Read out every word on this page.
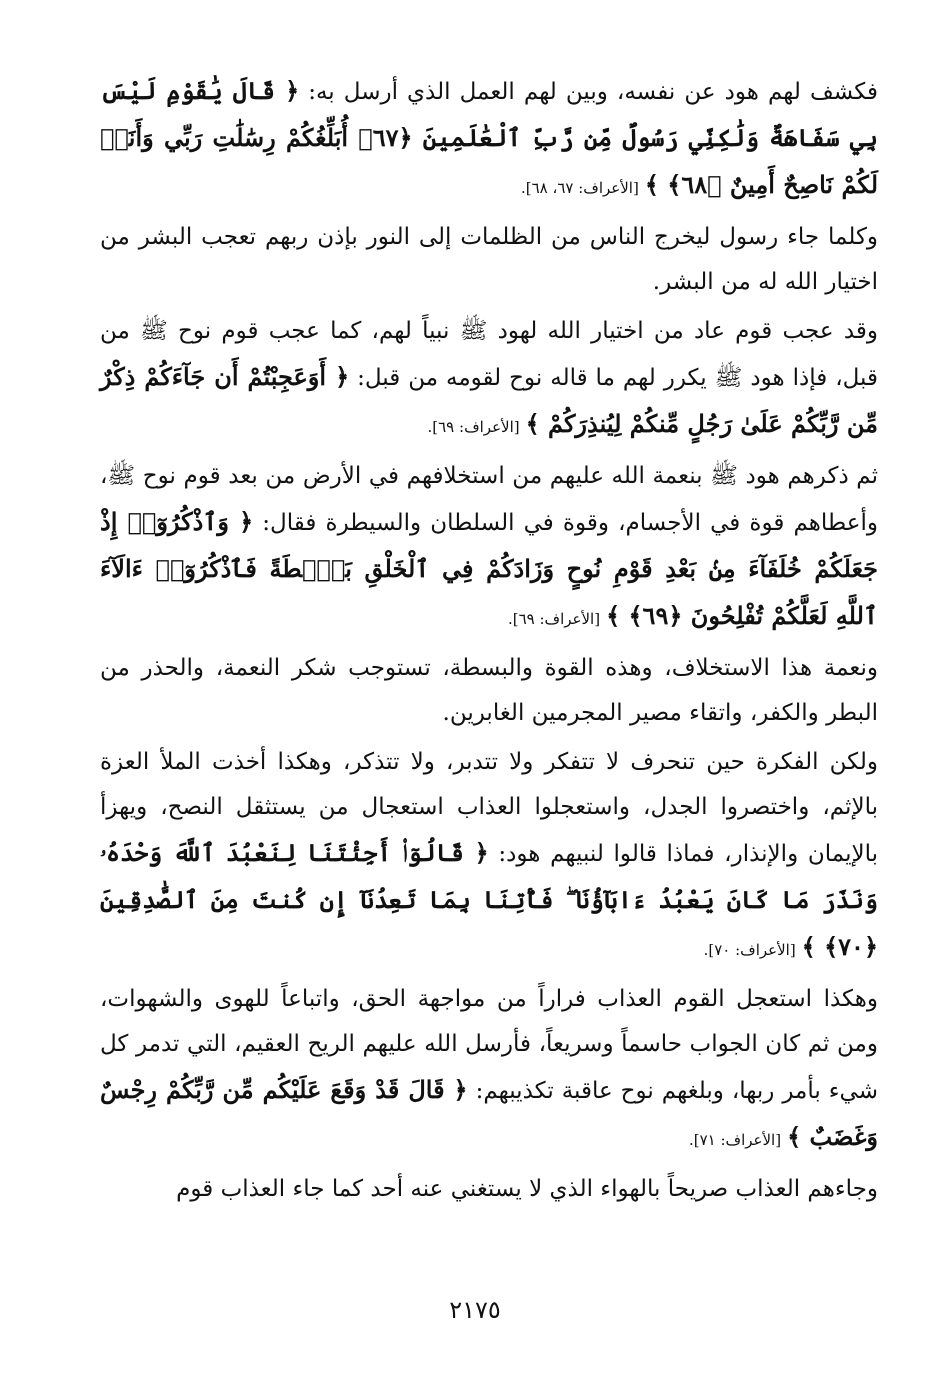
فكشف لهم هود عن نفسه، وبين لهم العمل الذي أرسل به: ﴿ قَالَ يَٰقَوْمِ لَيْسَ بِي سَفَاهَةٌ وَلَٰكِنِّي رَسُولٌ مِّن رَّبِّ ٱلْعَٰلَمِينَ ﴿٦٧﴾ أُبَلِّغُكُمْ رِسَٰلَٰتِ رَبِّي وَأَنَا۠ لَكُمْ نَاصِحٌ أَمِينٌ ﴿٦٨﴾ ﴾[الأعراف: ٦٧، ٦٨].

وكلما جاء رسول ليخرج الناس من الظلمات إلى النور بإذن ربهم تعجب البشر من اختيار الله له من البشر.

وقد عجب قوم عاد من اختيار الله لهود ﷺ نبياً لهم، كما عجب قوم نوح ﷺ من قبل، فإذا هود ﷺ يكرر لهم ما قاله نوح لقومه من قبل: ﴿ أَوَعَجِبْتُمْ أَن جَآءَكُمْ ذِكْرٌ مِّن رَّبِّكُمْ عَلَىٰ رَجُلٍ مِّنكُمْ لِيُنذِرَكُمْ ﴾[الأعراف: ٦٩].

ثم ذكرهم هود ﷺ بنعمة الله عليهم من استخلافهم في الأرض من بعد قوم نوح ﷺ، وأعطاهم قوة في الأجسام، وقوة في السلطان والسيطرة فقال: ﴿ وَٱذْكُرُوٓا۟ إِذْ جَعَلَكُمْ خُلَفَآءَ مِنۢ بَعْدِ قَوْمِ نُوحٍ وَزَادَكُمْ فِي ٱلْخَلْقِ بَصْۜطَةً فَٱذْكُرُوٓا۟ ءَالَآءَ ٱللَّهِ لَعَلَّكُمْ تُفْلِحُونَ ﴿٦٩﴾ ﴾[الأعراف: ٦٩].

ونعمة هذا الاستخلاف، وهذه القوة والبسطة، تستوجب شكر النعمة، والحذر من البطر والكفر، واتقاء مصير المجرمين الغابرين.

ولكن الفكرة حين تنحرف لا تتفكر ولا تتدبر، ولا تتذكر، وهكذا أخذت الملأ العزة بالإثم، واختصروا الجدل، واستعجلوا العذاب استعجال من يستثقل النصح، ويهزأ بالإيمان والإنذار، فماذا قالوا لنبيهم هود: ﴿ قَالُوٓا۟ أَجِئْتَنَا لِنَعْبُدَ ٱللَّهَ وَحْدَهُۥ وَنَذَرَ مَا كَانَ يَعْبُدُ ءَابَآؤُنَا ۖ فَأْتِنَا بِمَا تَعِدُنَآ إِن كُنتَ مِنَ ٱلصَّٰدِقِينَ ﴿٧٠﴾ ﴾[الأعراف: ٧٠].

وهكذا استعجل القوم العذاب فراراً من مواجهة الحق، واتباعاً للهوى والشهوات، ومن ثم كان الجواب حاسماً وسريعاً، فأرسل الله عليهم الريح العقيم، التي تدمر كل شيء بأمر ربها، وبلغهم نوح عاقبة تكذيبهم: ﴿ قَالَ قَدْ وَقَعَ عَلَيْكُم مِّن رَّبِّكُمْ رِجْسٌ وَغَضَبٌ ﴾[الأعراف: ٧١].

وجاءهم العذاب صريحاً بالهواء الذي لا يستغني عنه أحد كما جاء العذاب قوم

٢١٧٥
